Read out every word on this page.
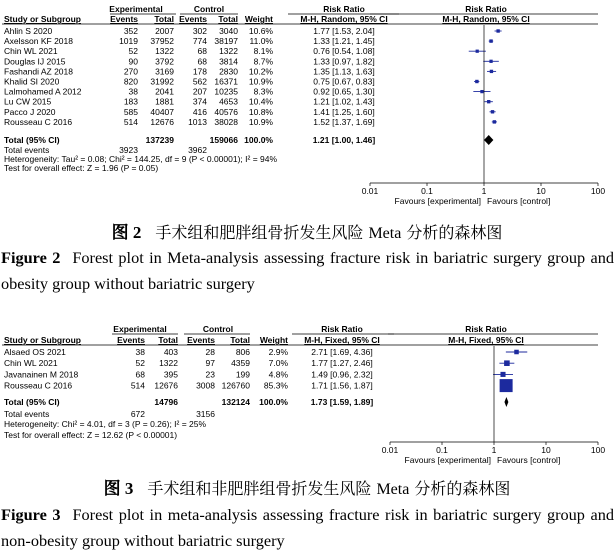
Experimental	Control	Risk Ratio	Risk Ratio
Study or Subgroup	Events Total Events Total Weight	M-H, Random, 95% CI	M-H, Random, 95% CI
Ahlin S 2020	352 2007 302 3040 10.6%	1.77 [1.53, 2.04]
Axelsson KF 2018	1019 37952 774 38197 11.0%	1.33 [1.21, 1.45]
Chin WL 2021	52 1322	68 1322 8.1%	0.76 [0.54, 1.08]
Douglas IJ 2015	90 3792	68 3814 8.7%	1.33 [0.97, 1.82]
Fashandi AZ 2018	270 3169 178 2830 10.2%	1.35 [1.13, 1.63]
Khalid SI 2020	820 31992 562 16371 10.9%	0.75 [0.67, 0.83]
Lalmohamed A 2012	38 2041 207 10235 8.3%	0.92 [0.65, 1.30]
Lu CW 2015	183 1881 374 4653 10.4%	1.21 [1.02, 1.43]
Pacco J 2020	585 40407 416 40576 10.8%	1.41 [1.25, 1.60]
Rousseau C 2016	514 12676 1013 38028 10.9%	1.52 [1.37, 1.69]
Total (95% CI)	137239	159066 100.0%	1.21 [1.00, 1.46]
Total events	3923	3962
Heterogeneity: Tau² = 0.08; Chi² = 144.25, df = 9 (P < 0.00001); I² = 94%
Test for overall effect: Z = 1.96 (P = 0.05)
0.01	0.1	1	10	100
Favours [experimental] Favours [control]
图 2 手术组和肥胖组骨折发生风险 Meta 分析的森林图
Figure 2 Forest plot in Meta-analysis assessing fracture risk in bariatric surgery group and obesity group without bariatric surgery
Experimental	Control	Risk Ratio	Risk Ratio
Study or Subgroup	Events Total Events Total Weight M-H, Fixed, 95% CI	M-H, Fixed, 95% CI
Alsaed OS 2021	38 403	28 806 2.9%	2.71 [1.69, 4.36]
Chin WL 2021	52 1322	97 4359 7.0%	1.77 [1.27, 2.46]
Javanainen M 2018	68 395	23 199 4.8%	1.49 [0.96, 2.32]
Rousseau C 2016	514 12676 3008 126760 85.3%	1.71 [1.56, 1.87]
Total (95% CI)	14796	132124 100.0%	1.73 [1.59, 1.89]
Total events	672	3156
Heterogeneity: Chi² = 4.01, df = 3 (P = 0.26); I² = 25%
Test for overall effect: Z = 12.62 (P < 0.00001)
0.01	0.1	1	10	100
Favours [experimental] Favours [control]
图 3 手术组和非肥胖组骨折发生风险 Meta 分析的森林图
Figure 3 Forest plot in meta-analysis assessing fracture risk in bariatric surgery group and non-obesity group without bariatric surgery
